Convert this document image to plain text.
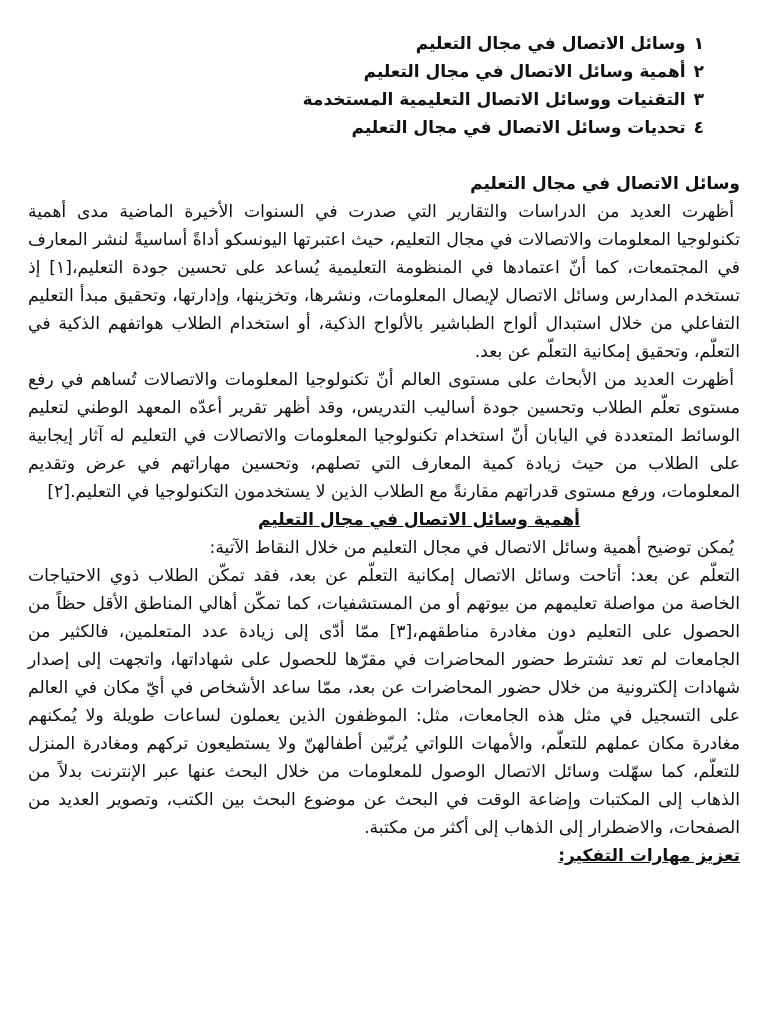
١وسائل الاتصال في مجال التعليم
٢أهمية وسائل الاتصال في مجال التعليم
٣التقنيات ووسائل الاتصال التعليمية المستخدمة
٤تحديات وسائل الاتصال في مجال التعليم
وسائل الاتصال في مجال التعليم

أظهرت العديد من الدراسات والتقارير التي صدرت في السنوات الأخيرة الماضية مدى أهمية تكنولوجيا المعلومات والاتصالات في مجال التعليم، حيث اعتبرتها اليونسكو أداةً أساسيةً لنشر المعارف في المجتمعات، كما أنّ اعتمادها في المنظومة التعليمية يُساعد على تحسين جودة التعليم،[١] إذ تستخدم المدارس وسائل الاتصال لإيصال المعلومات، ونشرها، وتخزينها، وإدارتها، وتحقيق مبدأ التعليم التفاعلي من خلال استبدال ألواح الطباشير بالألواح الذكية، أو استخدام الطلاب هواتفهم الذكية في التعلّم، وتحقيق إمكانية التعلّم عن بعد.

أظهرت العديد من الأبحاث على مستوى العالم أنّ تكنولوجيا المعلومات والاتصالات تُساهم في رفع مستوى تعلّم الطلاب وتحسين جودة أساليب التدريس، وقد أظهر تقرير أعدّه المعهد الوطني لتعليم الوسائط المتعددة في اليابان أنّ استخدام تكنولوجيا المعلومات والاتصالات في التعليم له آثار إيجابية على الطلاب من حيث زيادة كمية المعارف التي تصلهم، وتحسين مهاراتهم في عرض وتقديم المعلومات، ورفع مستوى قدراتهم مقارنةً مع الطلاب الذين لا يستخدمون التكنولوجيا في التعليم.[٢]

أهمية وسائل الاتصال في مجال التعليم

يُمكن توضيح أهمية وسائل الاتصال في مجال التعليم من خلال النقاط الآتية:

التعلّم عن بعد: أتاحت وسائل الاتصال إمكانية التعلّم عن بعد، فقد تمكّن الطلاب ذوي الاحتياجات الخاصة من مواصلة تعليمهم من بيوتهم أو من المستشفيات، كما تمكّن أهالي المناطق الأقل حظاً من الحصول على التعليم دون مغادرة مناطقهم،[٣] ممّا أدّى إلى زيادة عدد المتعلمين، فالكثير من الجامعات لم تعد تشترط حضور المحاضرات في مقرّها للحصول على شهاداتها، واتجهت إلى إصدار شهادات إلكترونية من خلال حضور المحاضرات عن بعد، ممّا ساعد الأشخاص في أيّ مكان في العالم على التسجيل في مثل هذه الجامعات، مثل: الموظفون الذين يعملون لساعات طويلة ولا يُمكنهم مغادرة مكان عملهم للتعلّم، والأمهات اللواتي يُربّين أطفالهنّ ولا يستطيعون تركهم ومغادرة المنزل للتعلّم، كما سهّلت وسائل الاتصال الوصول للمعلومات من خلال البحث عنها عبر الإنترنت بدلاً من الذهاب إلى المكتبات وإضاعة الوقت في البحث عن موضوع البحث بين الكتب، وتصوير العديد من الصفحات، والاضطرار إلى الذهاب إلى أكثر من مكتبة.

تعزيز مهارات التفكير:
